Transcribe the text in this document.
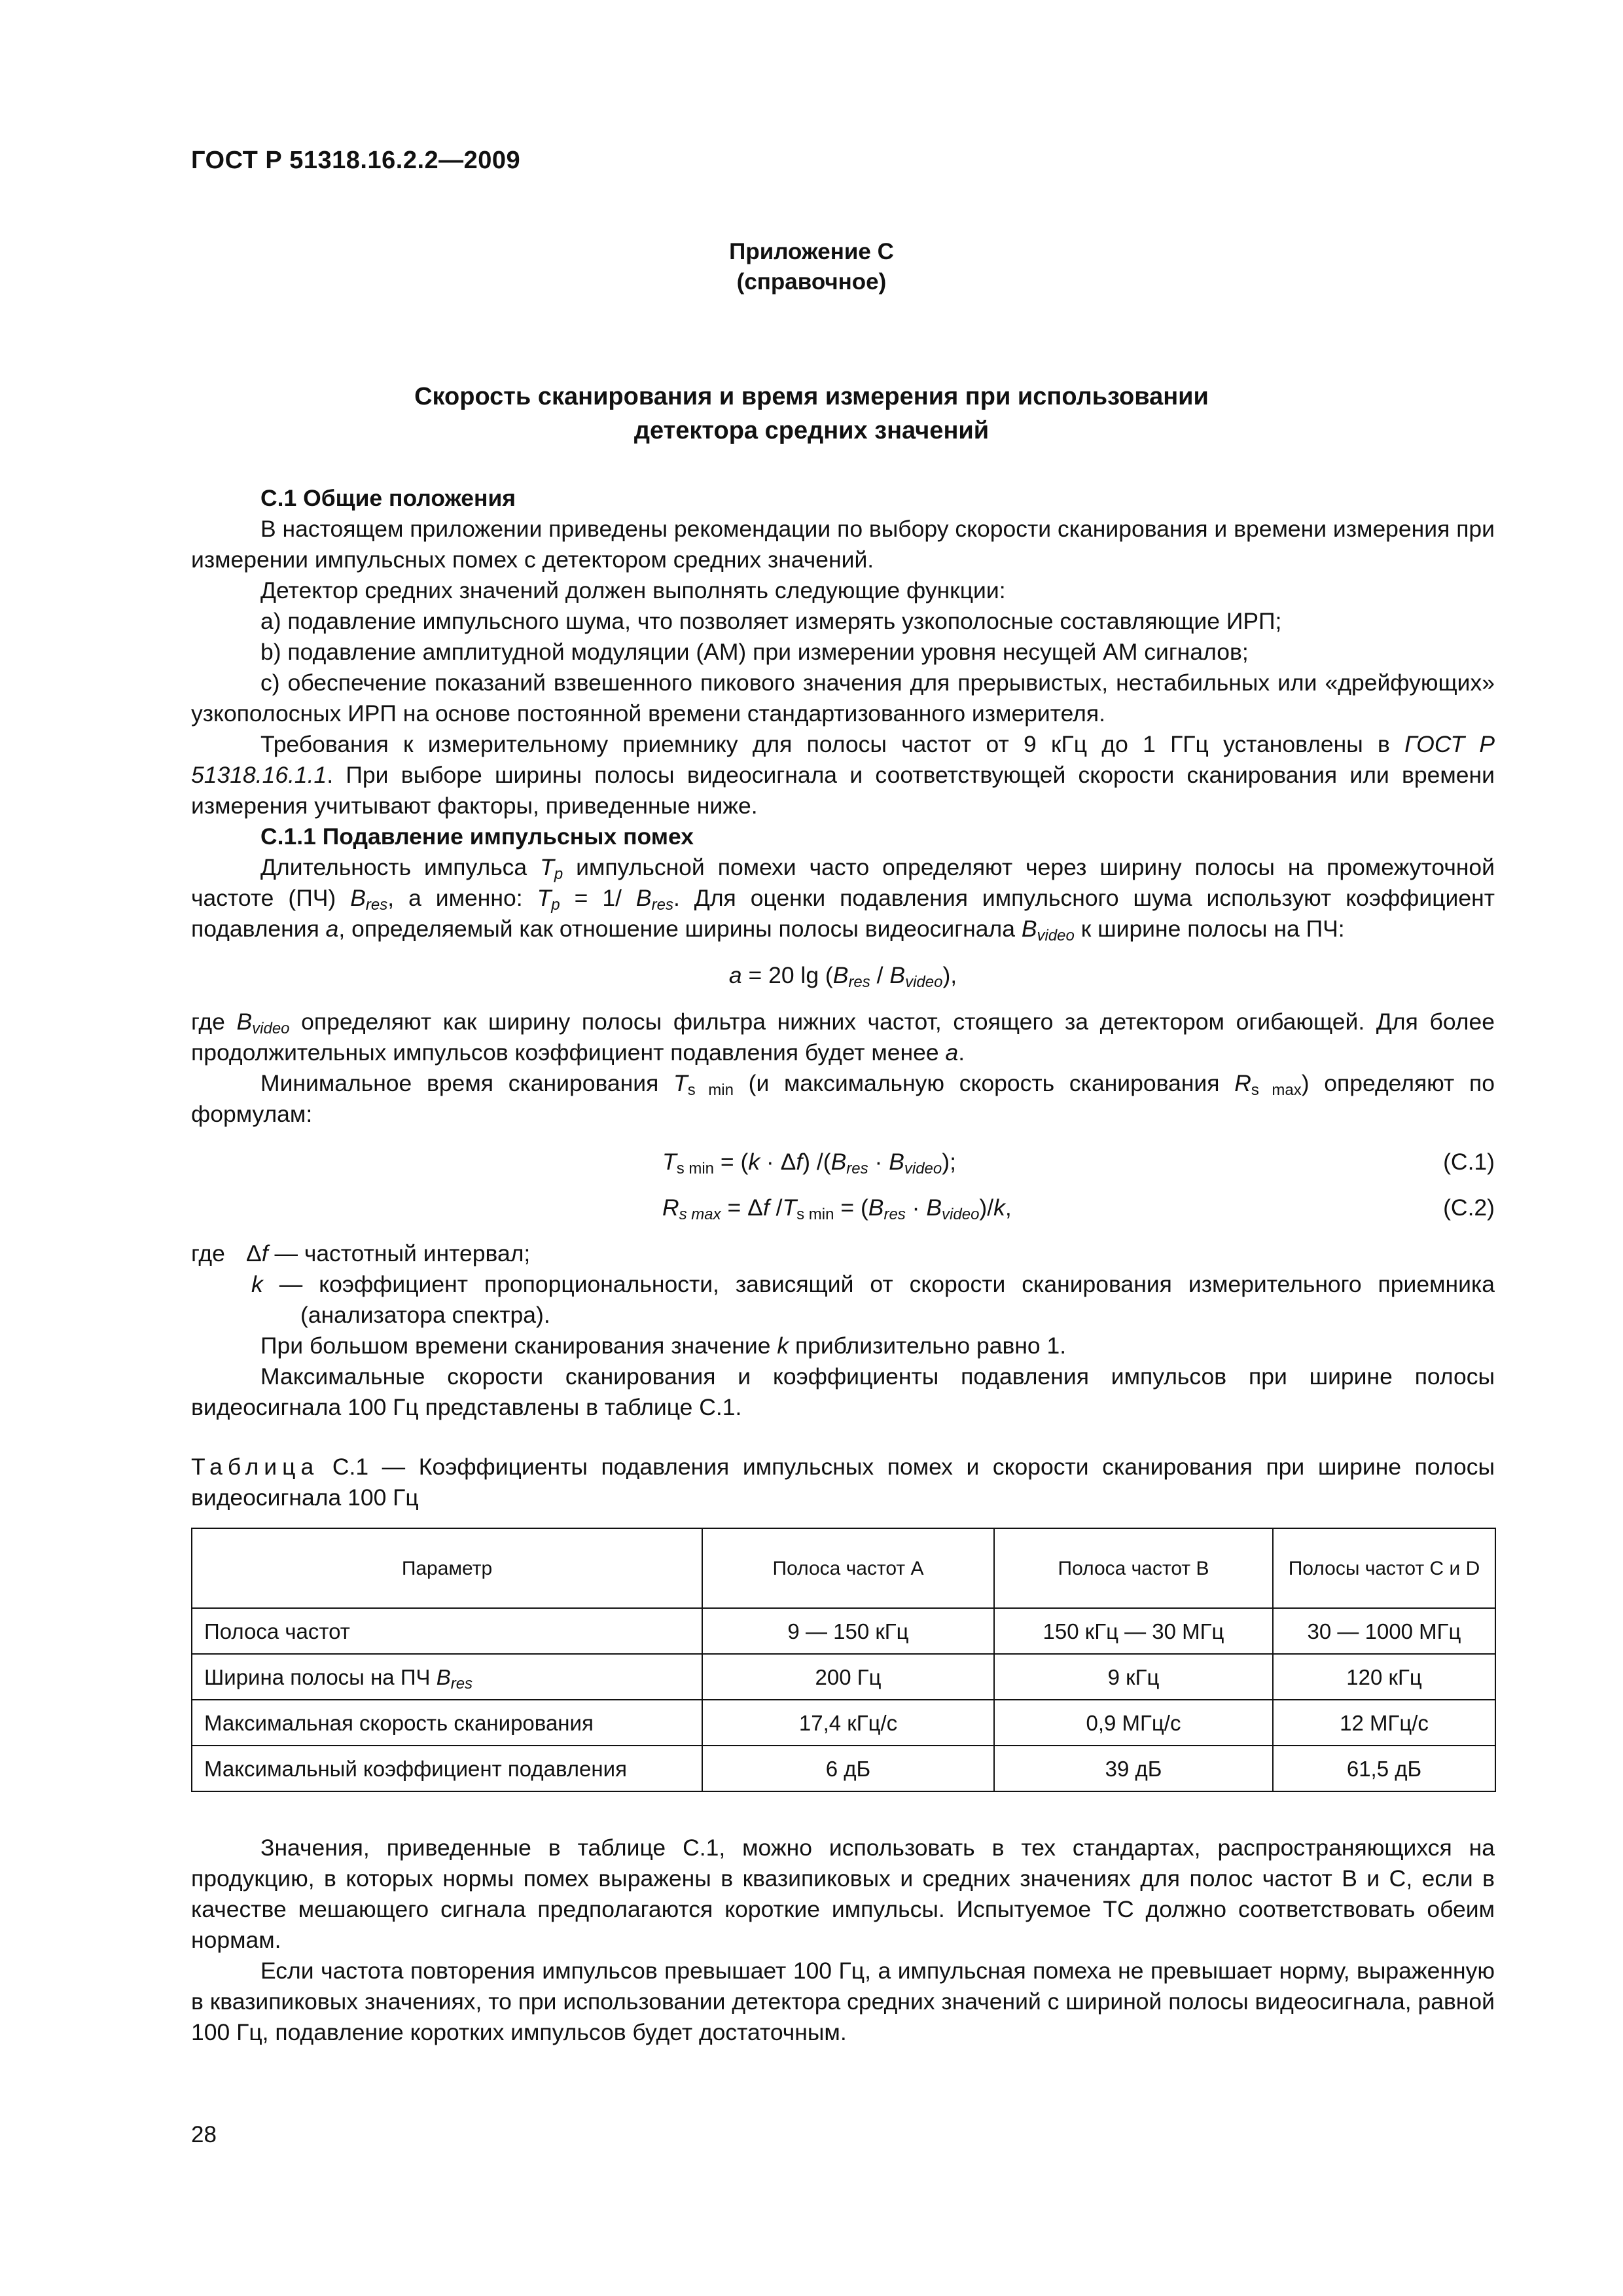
ГОСТ Р 51318.16.2.2—2009
Приложение С
(справочное)
Скорость сканирования и время измерения при использовании
детектора средних значений

С.1 Общие положения

В настоящем приложении приведены рекомендации по выбору скорости сканирования и времени измерения при измерении импульсных помех с детектором средних значений.

Детектор средних значений должен выполнять следующие функции:

a) подавление импульсного шума, что позволяет измерять узкополосные составляющие ИРП;

b) подавление амплитудной модуляции (АМ) при измерении уровня несущей АМ сигналов;

c) обеспечение показаний взвешенного пикового значения для прерывистых, нестабильных или «дрейфующих» узкополосных ИРП на основе постоянной времени стандартизованного измерителя.

Требования к измерительному приемнику для полосы частот от 9 кГц до 1 ГГц установлены в ГОСТ Р 51318.16.1.1. При выборе ширины полосы видеосигнала и соответствующей скорости сканирования или времени измерения учитывают факторы, приведенные ниже.

С.1.1 Подавление импульсных помех

Длительность импульса $T_p$ импульсной помехи часто определяют через ширину полосы на промежуточной частоте (ПЧ) $B_{res}$, а именно: $T_p = 1/$ $B_{res}$. Для оценки подавления импульсного шума используют коэффициент подавления a, определяемый как отношение ширины полосы видеосигнала $B_{video}$ к ширине полосы на ПЧ:

a = 20 $\lg (B_{res} / B_{video})$,

где $B_{video}$ определяют как ширину полосы фильтра нижних частот, стоящего за детектором огибающей. Для более продолжительных импульсов коэффициент подавления будет менее a.

Минимальное время сканирования $T_{s min}$ (и максимальную скорость сканирования $R_{s max}$) определяют по формулам:

$T_{s min} = (k \cdot \Delta f) /(B_{res} \cdot B_{video})$;	(С.1)
$R_{s max} = \Delta f$ $/T_{s min} = (B_{res} \cdot B_{video})/k$,	(С.2)
где Δf — частотный интервал;
k — коэффициент пропорциональности, зависящий от скорости сканирования измерительного приемника (анализатора спектра).

При большом времени сканирования значение k приблизительно равно 1.

Максимальные скорости сканирования и коэффициенты подавления импульсов при ширине полосы видеосигнала 100 Гц представлены в таблице С.1.

Таблица С.1 — Коэффициенты подавления импульсных помех и скорости сканирования при ширине полосы видеосигнала 100 Гц

Параметр	Полоса частот А	Полоса частот В	Полосы частот С и D
Полоса частот	9 — 150 кГц	150 кГц — 30 МГц	30 — 1000 МГц
Ширина полосы на ПЧ $B_{res}$	200 Гц	9 кГц	120 кГц
Максимальная скорость сканирования	17,4 кГц/с	0,9 МГц/с	12 МГц/с
Максимальный коэффициент подавления	6 дБ	39 дБ	61,5 дБ

Значения, приведенные в таблице С.1, можно использовать в тех стандартах, распространяющихся на продукцию, в которых нормы помех выражены в квазипиковых и средних значениях для полос частот В и С, если в качестве мешающего сигнала предполагаются короткие импульсы. Испытуемое ТС должно соответствовать обеим нормам.

Если частота повторения импульсов превышает 100 Гц, а импульсная помеха не превышает норму, выраженную в квазипиковых значениях, то при использовании детектора средних значений с шириной полосы видеосигнала, равной 100 Гц, подавление коротких импульсов будет достаточным.

28
